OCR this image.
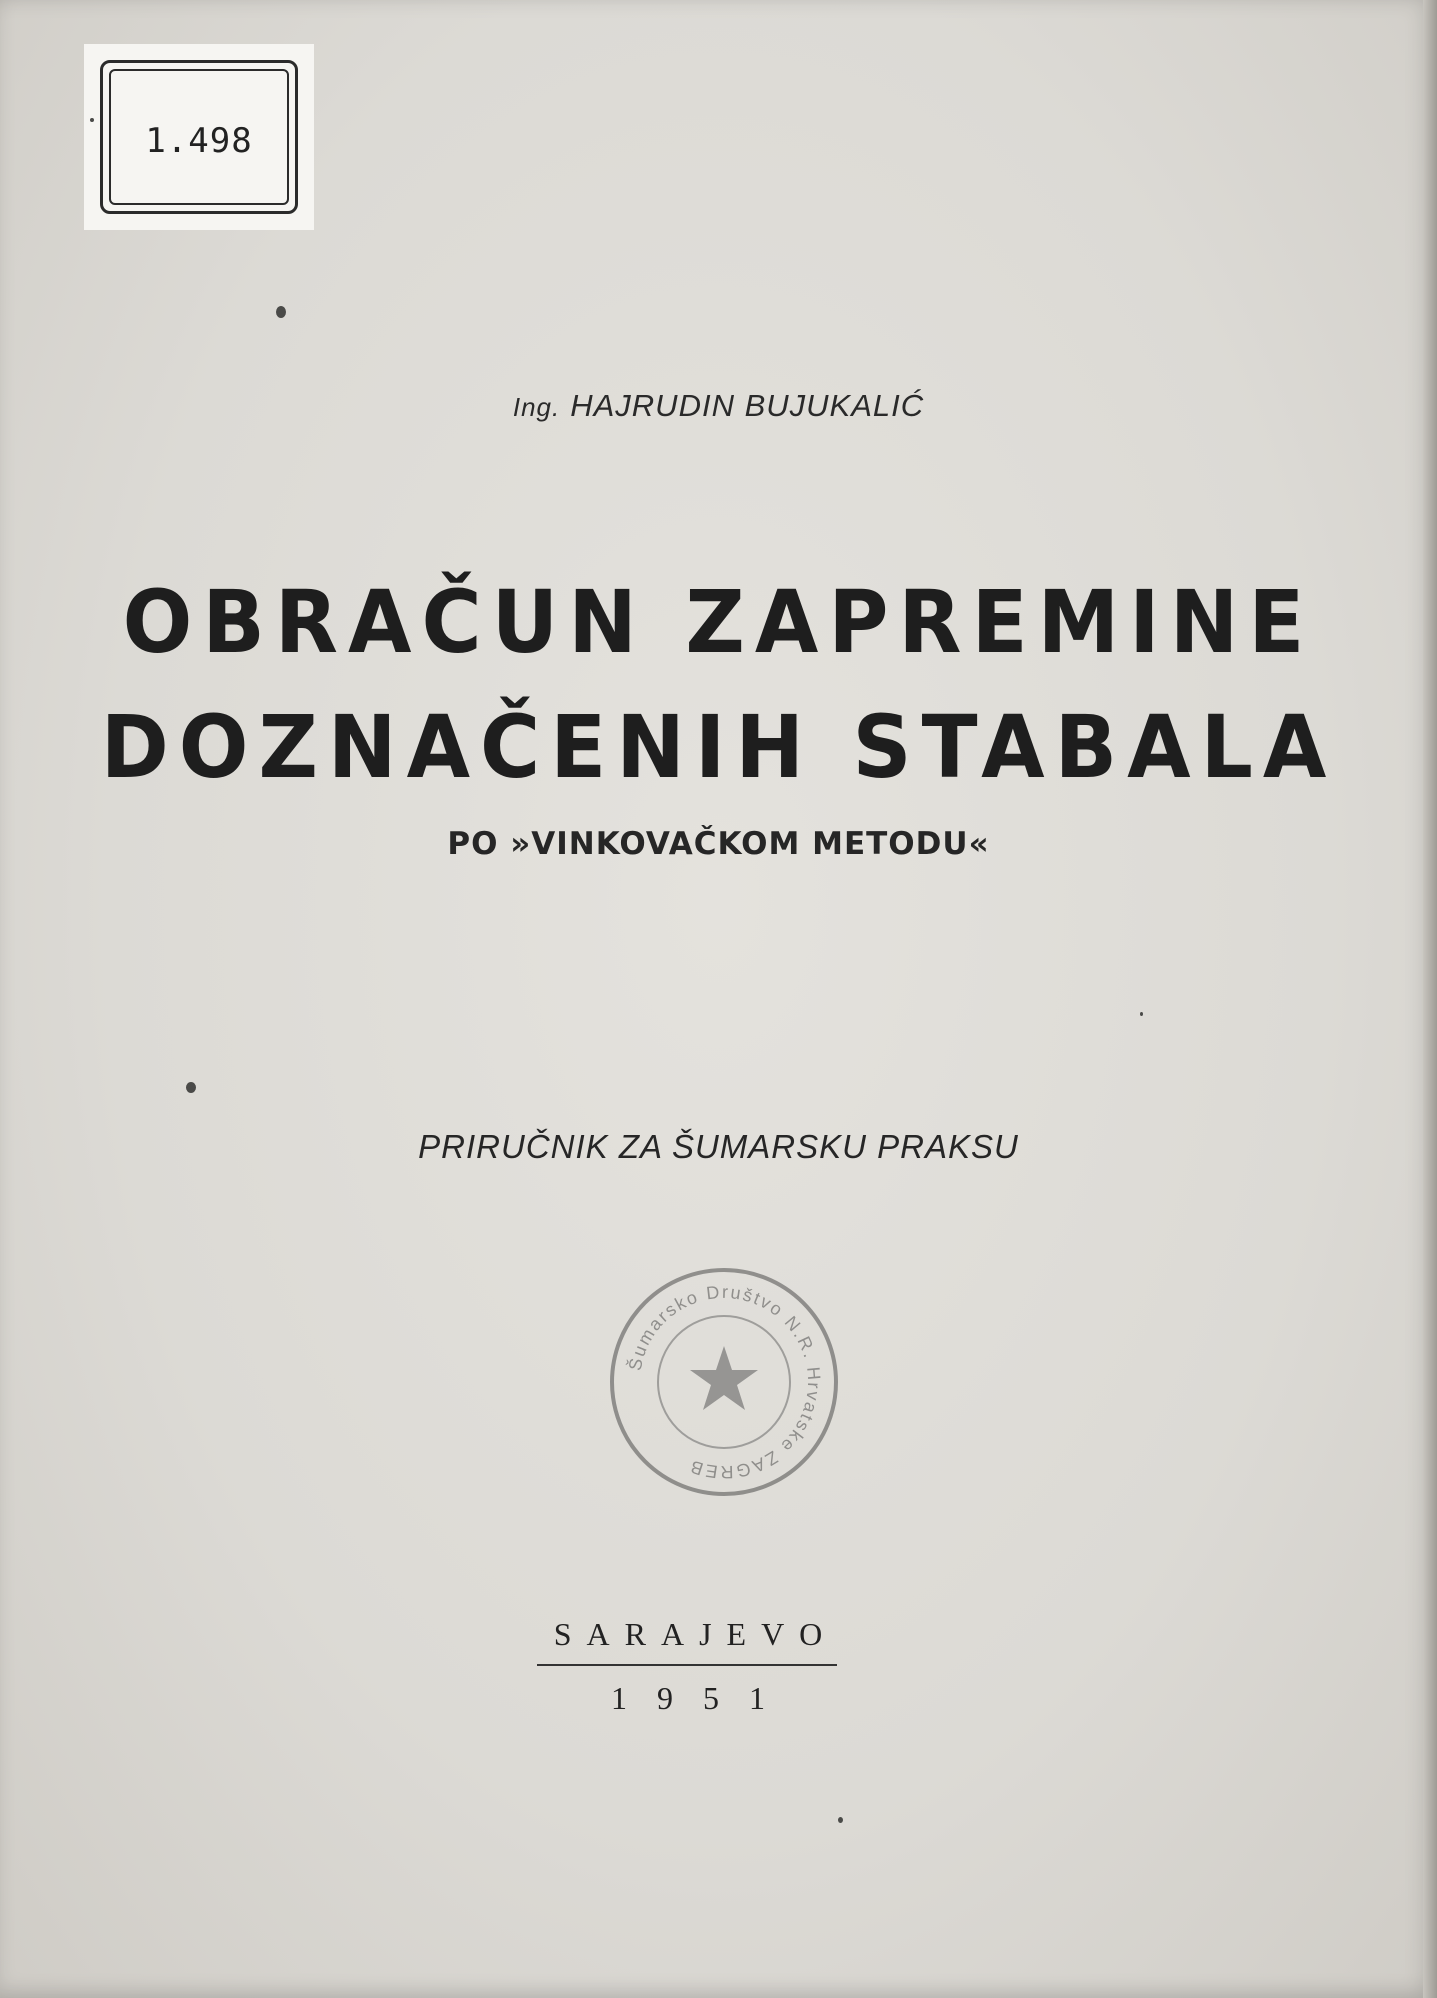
1.498
Ing. HAJRUDIN BUJUKALIĆ
OBRAČUN ZAPREMINE
DOZNAČENIH STABALA
PO »VINKOVAČKOM METODU«
PRIRUČNIK ZA ŠUMARSKU PRAKSU
Šumarsko Društvo N.R. Hrvatske ZAGREB
SARAJEVO
1951
